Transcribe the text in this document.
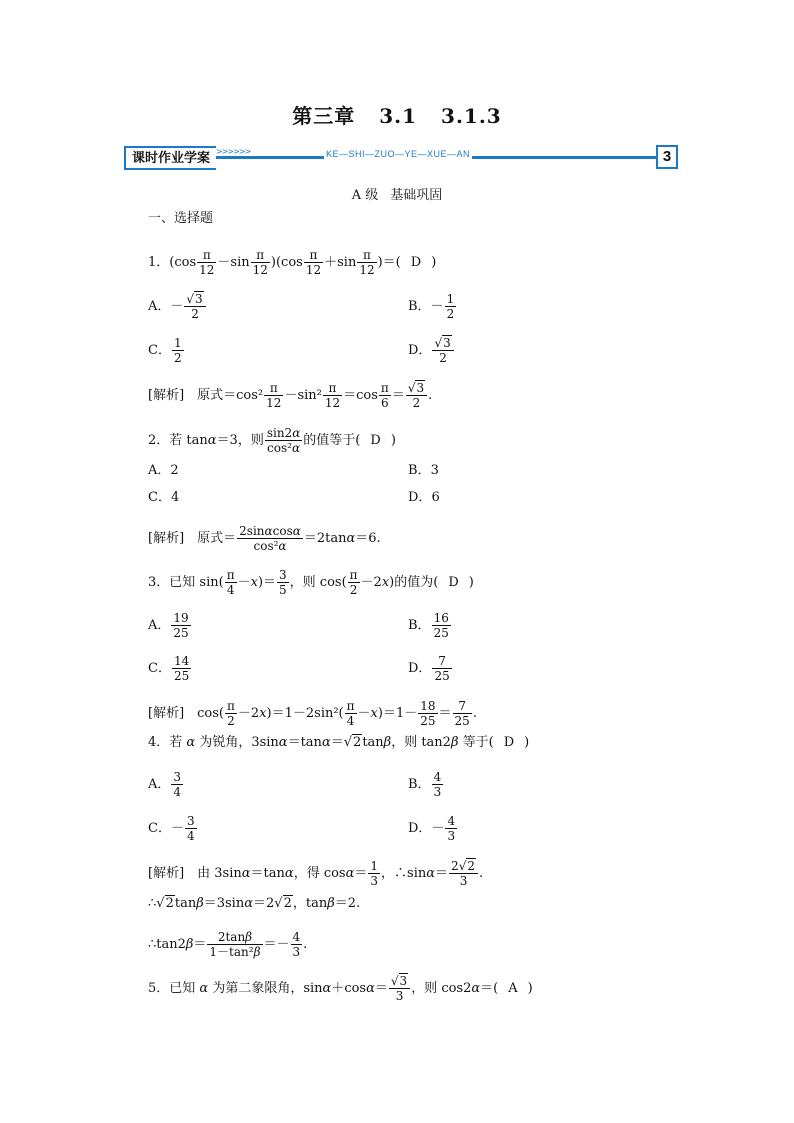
第三章 3.1 3.1.3
>>>>>>	KE—SHI—ZUO—YE—XUE—AN
课时作业学案	3
A 级 基础巩固
一、选择题
1．$(\cos \frac{\pi}{12} -\sin \frac{\pi}{12} )(\cos \frac{\pi}{12} +\sin \frac{\pi}{12}$ )＝( D )
A．－ $\frac{√3}{2}$	B．－ $\frac{1}{2}$
C． $\frac{1}{2}$	D． $\frac{√3}{2}$
[解析]　原式$=\cos^2 \frac{\pi}{12} -\sin^2 \frac{\pi}{12} =\cos \frac{\pi}{6} = \frac{√3}{2}$ .
2．若 tanα＝3，则 $\frac{\sin 2\alpha}{\text{cos²α}}$ 的值等于( D )
A．2	B．3
C．4	D．6
[解析]　原式＝ $\frac{2\sin\alpha\cos\alpha}{\text{cos²α}} =2\tan\alpha=6$.
3．已知 $\sin( \frac{\pi}{4} -x)= \frac{3}{5}$ ，则 $\cos( \frac{\pi}{2} -2x)$的值为( D )
A． $\frac{19}{25}$	B． $\frac{16}{25}$
C． $\frac{14}{25}$	D． $\frac{7}{25}$
[解析]　$\cos( \frac{\pi}{2} -2x)=1-2\sin^2( \frac{\pi}{4} -x)=1- \frac{18}{25} = \frac{7}{25}$ .
4．若 α 为锐角，3sinα＝tanα＝√2tanβ，则 tan2β 等于( D )
A． $\frac{3}{4}$	B． $\frac{4}{3}$
C．－ $\frac{3}{4}$	D．－ $\frac{4}{3}$
[解析]　由 3sinα＝tanα，得 $\cos\alpha= \frac{1}{3}$ ，∴sinα＝ $\frac{2√2}{3}$ .
∴√2tanβ＝3sinα＝2√2，tanβ＝2.
∴tan2β＝ $\frac{2\tan\beta}{\text{1－tan²β}} =- \frac{4}{3}$ .
5．已知 α 为第二象限角，$\sin\alpha+\cos\alpha= \frac{√3}{3}$ ，则 cos2α＝( A )
